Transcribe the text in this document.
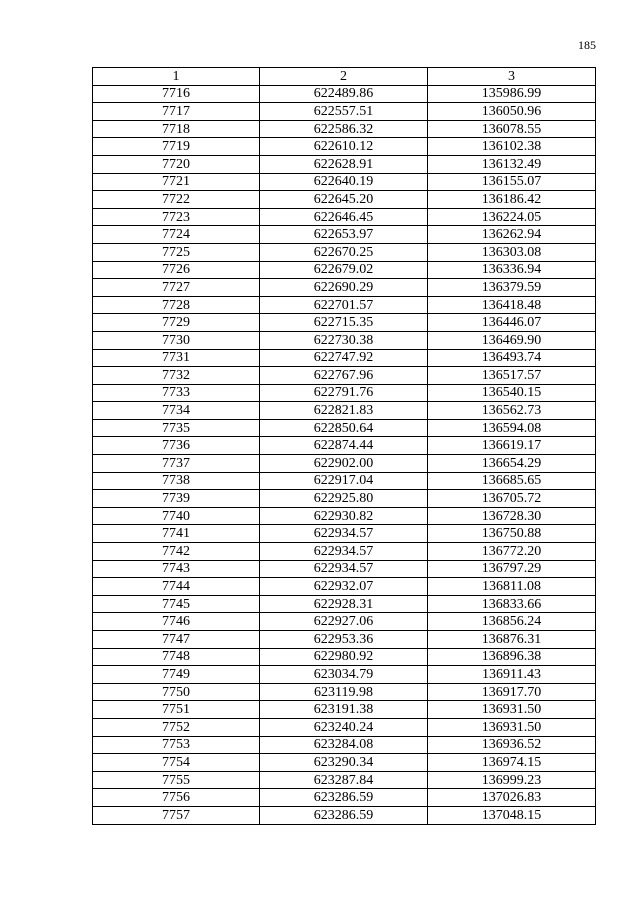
185
1	2	3
7716	622489.86	135986.99
7717	622557.51	136050.96
7718	622586.32	136078.55
7719	622610.12	136102.38
7720	622628.91	136132.49
7721	622640.19	136155.07
7722	622645.20	136186.42
7723	622646.45	136224.05
7724	622653.97	136262.94
7725	622670.25	136303.08
7726	622679.02	136336.94
7727	622690.29	136379.59
7728	622701.57	136418.48
7729	622715.35	136446.07
7730	622730.38	136469.90
7731	622747.92	136493.74
7732	622767.96	136517.57
7733	622791.76	136540.15
7734	622821.83	136562.73
7735	622850.64	136594.08
7736	622874.44	136619.17
7737	622902.00	136654.29
7738	622917.04	136685.65
7739	622925.80	136705.72
7740	622930.82	136728.30
7741	622934.57	136750.88
7742	622934.57	136772.20
7743	622934.57	136797.29
7744	622932.07	136811.08
7745	622928.31	136833.66
7746	622927.06	136856.24
7747	622953.36	136876.31
7748	622980.92	136896.38
7749	623034.79	136911.43
7750	623119.98	136917.70
7751	623191.38	136931.50
7752	623240.24	136931.50
7753	623284.08	136936.52
7754	623290.34	136974.15
7755	623287.84	136999.23
7756	623286.59	137026.83
7757	623286.59	137048.15
